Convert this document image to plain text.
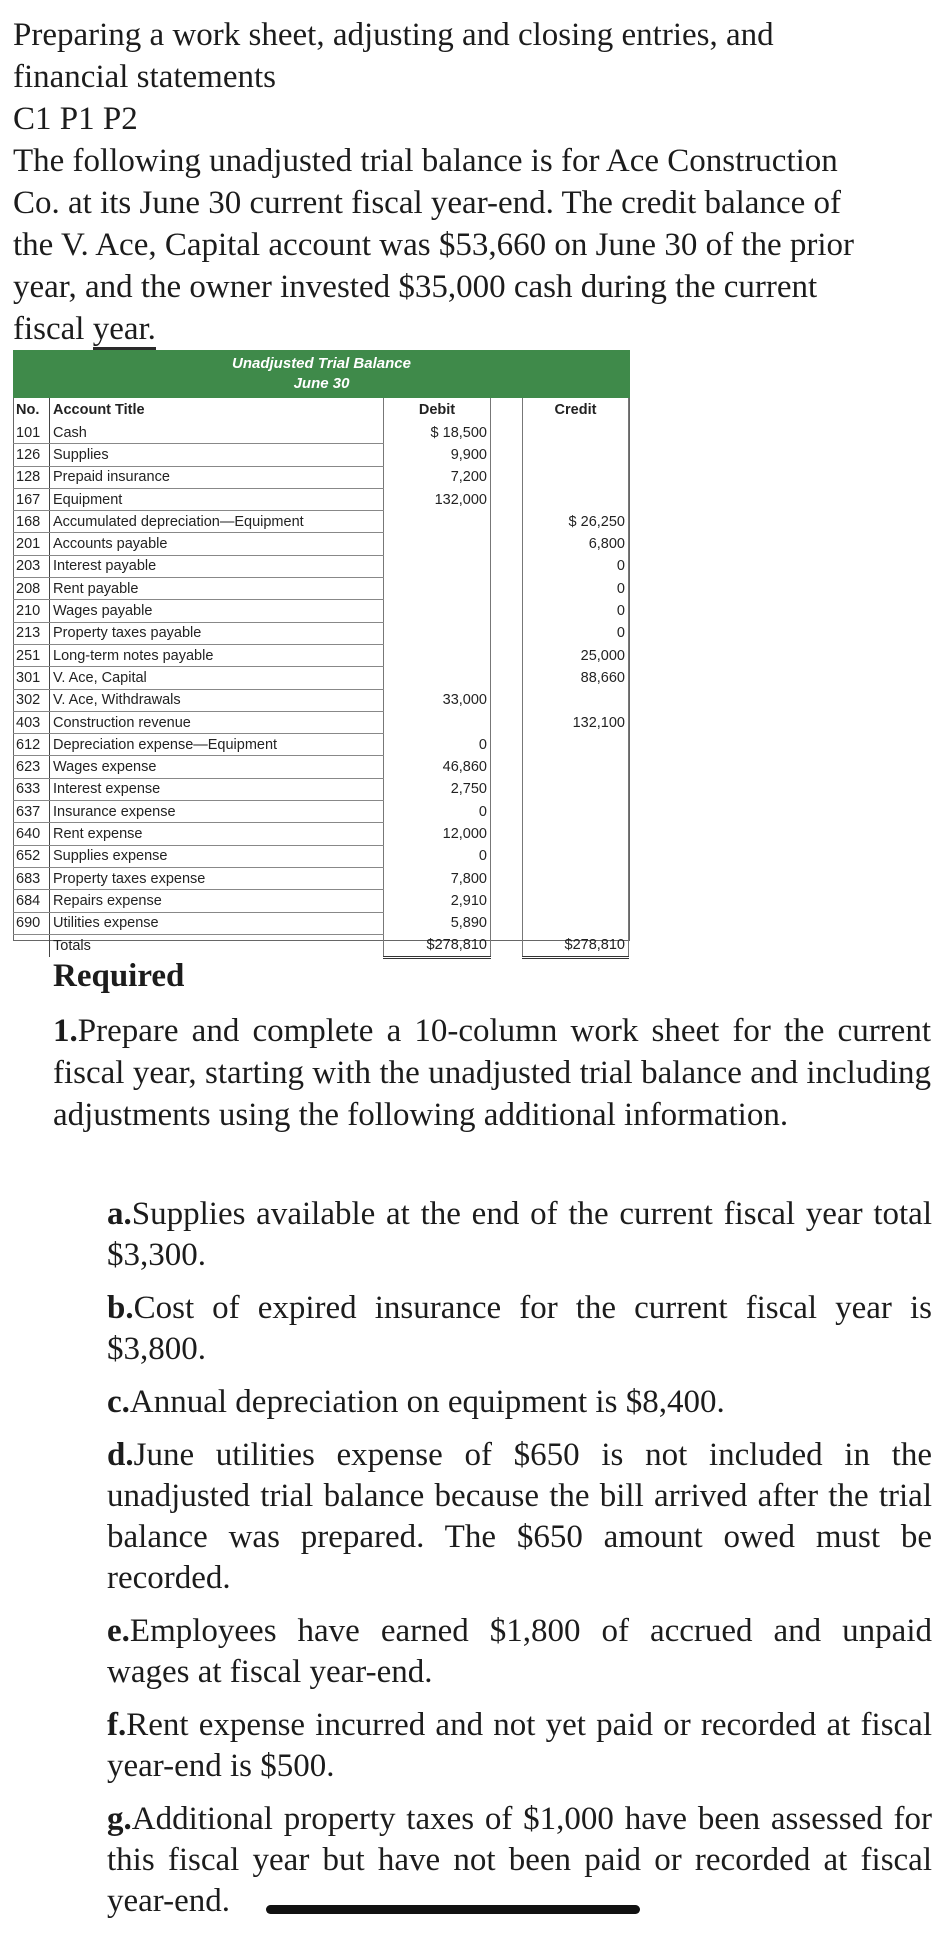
Preparing a work sheet, adjusting and closing entries, and

financial statements

C1 P1 P2

The following unadjusted trial balance is for Ace Construction

Co. at its June 30 current fiscal year-end. The credit balance of

the V. Ace, Capital account was $53,660 on June 30 of the prior

year, and the owner invested $35,000 cash during the current

fiscal year.

Unadjusted Trial Balance
June 30
No.	Account Title	Debit		Credit	
101	Cash	$ 18,500			
126	Supplies	9,900			
128	Prepaid insurance	7,200			
167	Equipment	132,000			
168	Accumulated depreciation—Equipment			$ 26,250	
201	Accounts payable			6,800	
203	Interest payable			0	
208	Rent payable			0	
210	Wages payable			0	
213	Property taxes payable			0	
251	Long-term notes payable			25,000	
301	V. Ace, Capital			88,660	
302	V. Ace, Withdrawals	33,000			
403	Construction revenue			132,100	
612	Depreciation expense—Equipment	0			
623	Wages expense	46,860			
633	Interest expense	2,750			
637	Insurance expense	0			
640	Rent expense	12,000			
652	Supplies expense	0			
683	Property taxes expense	7,800			
684	Repairs expense	2,910			
690	Utilities expense	5,890			
	Totals	$278,810		$278,810	
Required
1.Prepare and complete a 10-column work sheet for the current fiscal year, starting with the unadjusted trial balance and including adjustments using the following additional information.

a.Supplies available at the end of the current fiscal year total $3,300.

b.Cost of expired insurance for the current fiscal year is $3,800.

c.Annual depreciation on equipment is $8,400.

d.June utilities expense of $650 is not included in the unadjusted trial balance because the bill arrived after the trial balance was prepared. The $650 amount owed must be recorded.

e.Employees have earned $1,800 of accrued and unpaid wages at fiscal year-end.

f.Rent expense incurred and not yet paid or recorded at fiscal year-end is $500.

g.Additional property taxes of $1,000 have been assessed for this fiscal year but have not been paid or recorded at fiscal year-end.
